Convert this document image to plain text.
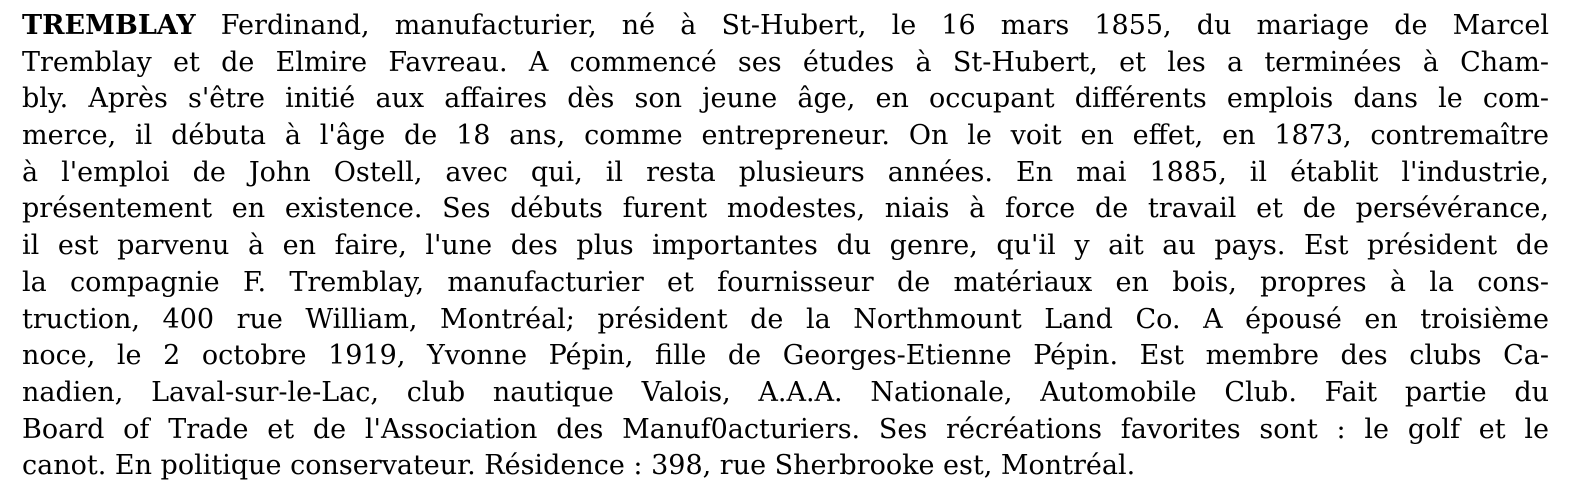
TREMBLAY Ferdinand, manufacturier, né à St-Hubert, le 16 mars 1855, du mariage de Marcel
Tremblay et de Elmire Favreau. A commencé ses études à St-Hubert, et les a terminées à Cham-
bly. Après s'être initié aux affaires dès son jeune âge, en occupant différents emplois dans le com-
merce, il débuta à l'âge de 18 ans, comme entrepreneur. On le voit en effet, en 1873, contremaître
à l'emploi de John Ostell, avec qui, il resta plusieurs années. En mai 1885, il établit l'industrie,
présentement en existence. Ses débuts furent modestes, niais à force de travail et de persévérance,
il est parvenu à en faire, l'une des plus importantes du genre, qu'il y ait au pays. Est président de
la compagnie F. Tremblay, manufacturier et fournisseur de matériaux en bois, propres à la cons-
truction, 400 rue William, Montréal; président de la Northmount Land Co. A épousé en troisième
noce, le 2 octobre 1919, Yvonne Pépin, fille de Georges-Etienne Pépin. Est membre des clubs Ca-
nadien, Laval-sur-le-Lac, club nautique Valois, A.A.A. Nationale, Automobile Club. Fait partie du
Board of Trade et de l'Association des Manuf0acturiers. Ses récréations favorites sont : le golf et le
canot. En politique conservateur. Résidence : 398, rue Sherbrooke est, Montréal.
